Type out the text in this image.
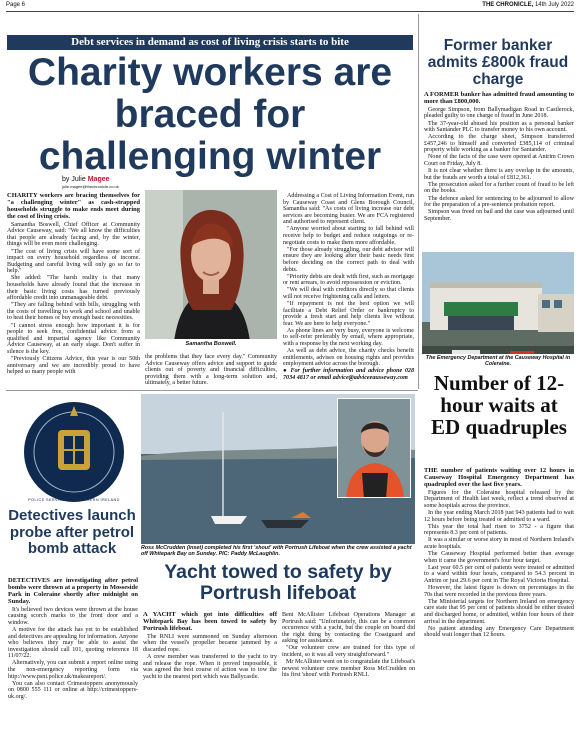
Page 6	THE CHRONICLE, 14th July 2022
Debt services in demand as cost of living crisis starts to bite
Charity workers are braced for challenging winter
by Julie Magee
julie.magee@thechronicle.co.uk
CHARITY workers are bracing themselves for "a challenging winter" as cash-strapped households struggle to make ends meet during the cost of living crisis.

Samantha Boswell, Chief Officer at Community Advice Causeway, said: "We all know the difficulties that people are already facing and, by the winter, things will be even more challenging.

"The cost of living crisis will have some sort of impact on every household regardless of income. Budgeting and careful living will only go so far to help."

She added: "The harsh reality is that many households have already found that the increase in their basic living costs has turned previously affordable credit into unmanageable debt.

"They are falling behind with bills, struggling with the costs of travelling to work and school and unable to heat their homes or buy enough basic necessities.

"I cannot stress enough how important it is for people to seek free, confidential advice from a qualified and impartial agency like Community Advice Causeway, at an early stage. Don't suffer in silence is the key.

"Previously Citizens Advice, this year is our 50th anniversary and we are incredibly proud to have helped so many people with

Samantha Boswell.

the problems that they face every day." Community Advice Causeway offers advice and support to guide clients out of poverty and financial difficulties, providing them with a long-term solution and, ultimately, a better future.

Addressing a Cost of Living Information Event, run by Causeway Coast and Glens Borough Council, Samantha said: "As costs of living increase our debt services are becoming busier. We are FCA registered and authorised to represent client.

"Anyone worried about starting to fall behind will receive help to budget and reduce outgoings or re-negotiate costs to make them more affordable.

"For those already struggling, our debt advisor will ensure they are looking after their basic needs first before deciding on the correct path to deal with debts.

"Priority debts are dealt with first, such as mortgage or rent arrears, to avoid repossession or eviction.

"We will deal with creditors directly so that clients will not receive frightening calls and letters.

"If repayment is not the best option we will facilitate a Debt Relief Order or bankruptcy to provide a fresh start and help clients live without fear. We are here to help everyone."

As phone lines are very busy, everyone is welcome to self-refer preferably by email, where appropriate, with a response by the next working day.

As well as debt advice, the charity checks benefit entitlements, advises on housing rights and provides employment advice across the borough.

● For further information and advice phone 028 7034 4817 or email advice@adviceeausseway.com

Former banker admits £800k fraud charge
A FORMER banker has admitted fraud amounting to more than £800,000.

George Simpson, from Ballymadigan Road in Castlerock, pleaded guilty to one charge of fraud in June 2018.

The 37-year-old abused his position as a personal banker with Santander PLC to transfer money to his own account.

According to the charge sheet, Simpson transferred £457,246 to himself and converted £385,114 of criminal property while working as a banker for Santander.

None of the facts of the case were opened at Antrim Crown Court on Friday, July 8.

It is not clear whether there is any overlap in the amounts, but the frauds are worth a total of £812,361.

The prosecution asked for a further count of fraud to be left on the books.

The defence asked for sentencing to be adjourned to allow for the preparation of a pre-sentence probation report.

Simpson was freed on bail and the case was adjourned until September.

The Emergency Department at the Causeway Hospital in Coleraine.
Number of 12-hour waits at ED quadruples
THE number of patients waiting over 12 hours in Causeway Hospital Emergency Department has quadrupled over the last five years.

Figures for the Coleraine hospital released by the Department of Health last week, reflect a trend observed at some hospitals across the province.

In the year ending March 2018 just 943 patients had to wait 12 hours before being treated or admitted to a ward.

This year the total had risen to 3752 - a figure that represents 8.3 per cent of patients.

It was a similar or worse story in most of Northern Ireland's acute hospitals.

The Causeway Hospital performed better than average when it came the government's four hour target.

Last year 60.5 per cent of patients were treated or admitted to a ward within four hours, compared to 54.3 percent in Antrim or just 29.6 per cent in The Royal Victoria Hospital.

However, the latest figure is down on percentages in the 70s that were recorded in the previous three years.

The Ministerial targets for Northern Ireland on emergency care state that 95 per cent of patients should be either treated and discharged home, or admitted, within four hours of their arrival in the department.

No patient attending any Emergency Care Department should wait longer than 12 hours.

POLICE SERVICE OF NORTHERN IRELAND
Detectives launch probe after petrol bomb attack
DETECTIVES are investigating after petrol bombs were thrown at a property in Mosseside Park in Coleraine shortly after midnight on Sunday.

It's believed two devices were thrown at the house causing scorch marks to the front door and a window.

A motive for the attack has yet to be established and detectives are appealing for information. Anyone who believes they may be able to assist the investigation should call 101, quoting reference 18 11/07/22.

Alternatively, you can submit a report online using the non-emergency reporting form via http://www.psni.police.uk/makeareport/.

You can also contact Crimestoppers anonymously on 0800 555 111 or online at http://crimestoppers-uk.org/.

Ross McCrudden (inset) completed his first 'shout' with Portrush Lifeboat when the crew assisted a yacht off Whitepark Bay on Sunday. PIC: Paddy McLaughlin.
Yacht towed to safety by Portrush lifeboat
A YACHT which got into difficulties off Whitepark Bay has been towed to safety by Portrush lifeboat.

The RNLI were summoned on Sunday afternoon when the vessel's propeller became jammed by a discarded rope.

A crew member was transferred to the yacht to try and release the rope. When it proved impossible, it was agreed the best course of action was to tow the yacht to the nearest port which was Ballycastle.

Beni McAllister Lifeboat Operations Manager at Portrush said: "Unfortunately, this can be a common occurrence with a yacht, but the couple on board did the right thing by contacting the Coastguard and asking for assistance.

"Our volunteer crew are trained for this type of incident, so it was all very straightforward."

Mr McAllister went on to congratulate the Lifeboat's newest volunteer crew member Ross McCrudden on his first 'shout' with Portrush RNLI.
